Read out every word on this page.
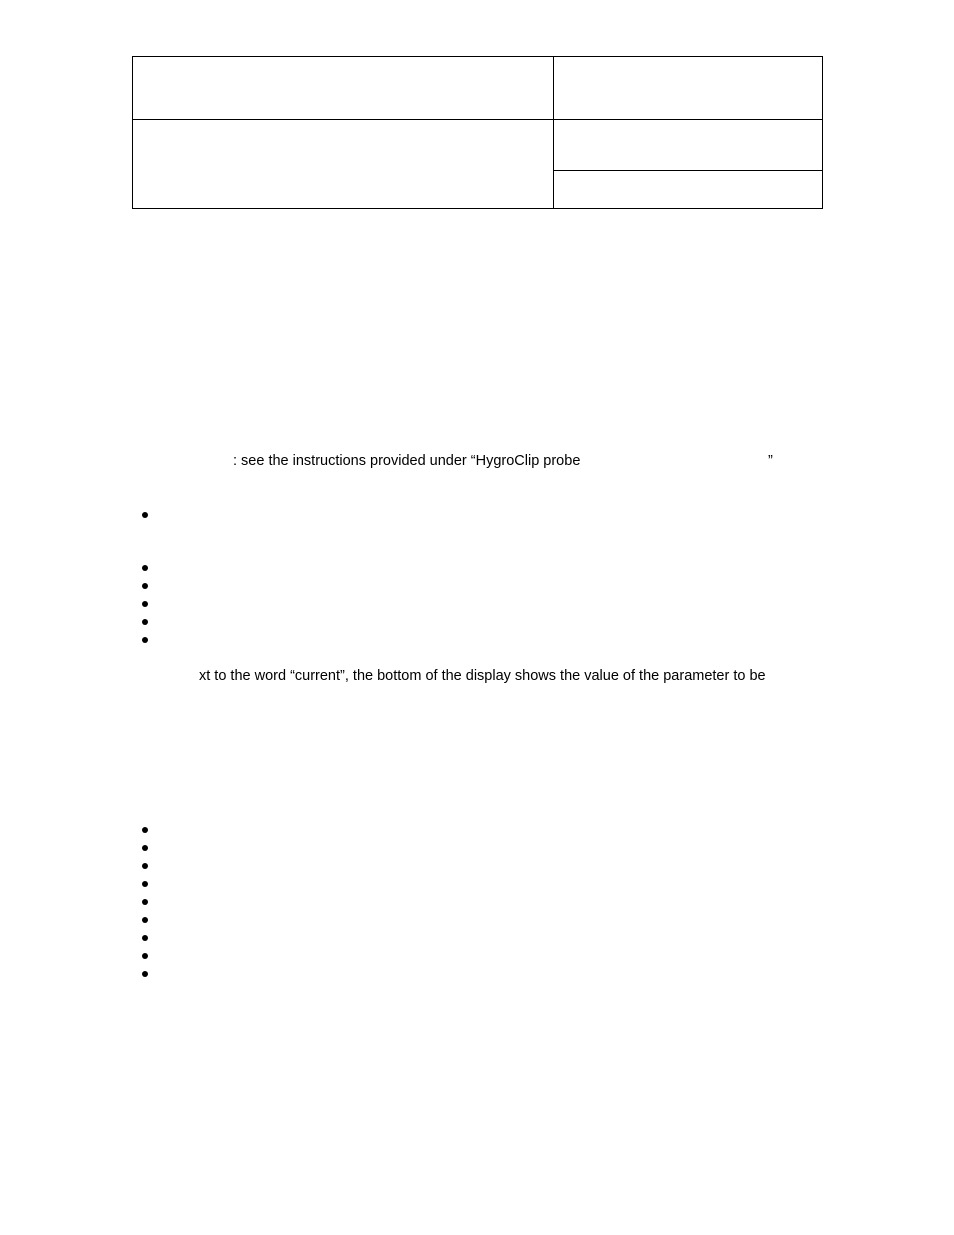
: see the instructions provided under “HygroClip probe	”
xt to the word “current”, the bottom of the display shows the value of the parameter to be
